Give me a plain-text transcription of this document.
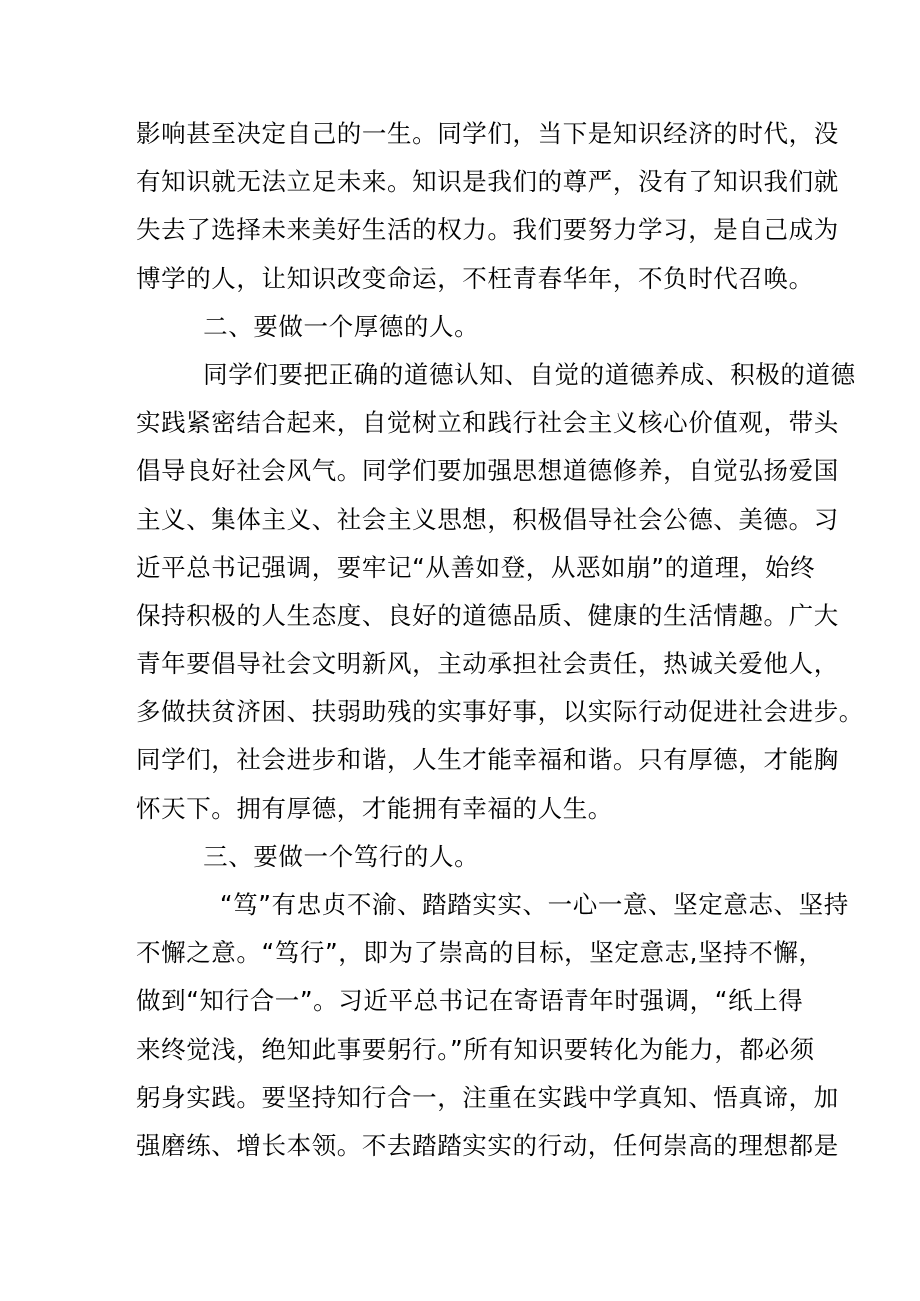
影响甚至决定自己的一生。同学们，当下是知识经济的时代，没
有知识就无法立足未来。知识是我们的尊严，没有了知识我们就
失去了选择未来美好生活的权力。我们要努力学习，是自己成为
博学的人，让知识改变命运，不枉青春华年，不负时代召唤。
二、要做一个厚德的人。
同学们要把正确的道德认知、自觉的道德养成、积极的道德
实践紧密结合起来，自觉树立和践行社会主义核心价值观，带头
倡导良好社会风气。同学们要加强思想道德修养，自觉弘扬爱国
主义、集体主义、社会主义思想，积极倡导社会公德、美德。习
近平总书记强调，要牢记“从善如登，从恶如崩”的道理，始终
保持积极的人生态度、良好的道德品质、健康的生活情趣。广大
青年要倡导社会文明新风，主动承担社会责任，热诚关爱他人，
多做扶贫济困、扶弱助残的实事好事，以实际行动促进社会进步。
同学们，社会进步和谐，人生才能幸福和谐。只有厚德，才能胸
怀天下。拥有厚德，才能拥有幸福的人生。
三、要做一个笃行的人。
“笃”有忠贞不渝、踏踏实实、一心一意、坚定意志、坚持
不懈之意。“笃行”，即为了崇高的目标，坚定意志,坚持不懈，
做到“知行合一”。习近平总书记在寄语青年时强调，“纸上得
来终觉浅，绝知此事要躬行。”所有知识要转化为能力，都必须
躬身实践。要坚持知行合一，注重在实践中学真知、悟真谛，加
强磨练、增长本领。不去踏踏实实的行动，任何崇高的理想都是
